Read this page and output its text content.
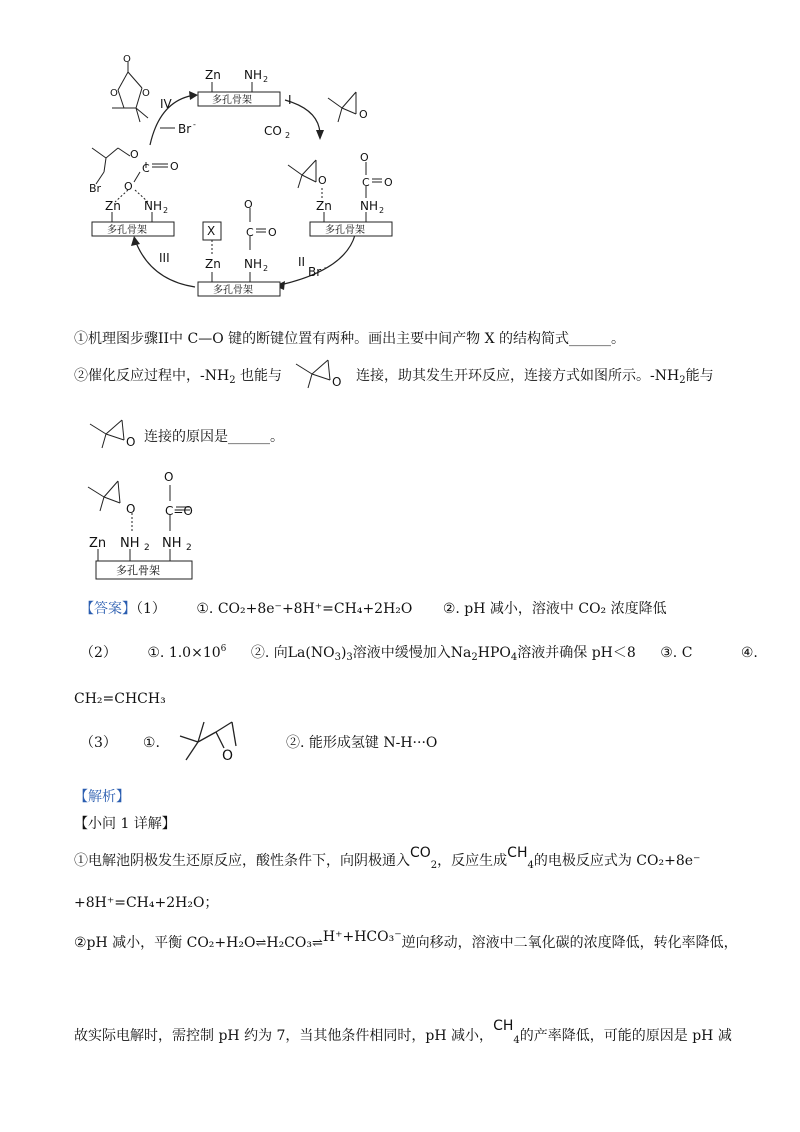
多孔骨架
Zn NH 2
I
CO 2
II
Br -
III
IV
Br -
O
O O
O
O
C O
O
Br
多孔骨架
Zn NH 2
O
O
C O
多孔骨架
Zn NH 2
X
O
C O
多孔骨架
Zn NH 2
①机理图步骤II中 C—O 键的断键位置有两种。画出主要中间产物 X 的结构简式______。
②催化反应过程中，$-NH_2$ 也能与	O 连接，助其发生开环反应，连接方式如图所示。$-NH_2$能与
O 连接的原因是______。
O
O
C=O
Zn NH 2 NH 2
多孔骨架
【答案】（1） ①. CO₂+8e⁻+8H⁺=CH₄+2H₂O ②. pH 减小，溶液中 CO₂ 浓度降低
（2） ①. $1.0\times 10^6$ ②. 向$La(NO_3)_3$溶液中缓慢加入$Na_2HPO_4$溶液并确保 pH＜8 ③. C	④.
CH₂=CHCH₃
（3） ①.
O
②. 能形成氢键 N-H···O
【解析】
【小问 1 详解】
①电解池阴极发生还原反应，酸性条件下，向阴极通入$CO_2$，反应生成$CH_4$的电极反应式为 CO₂+8e⁻
+8H⁺=CH₄+2H₂O；
②pH 减小，平衡 CO₂+H₂O⇌H₂CO₃⇌H⁺+HCO₃⁻逆向移动，溶液中二氧化碳的浓度降低，转化率降低，
故实际电解时，需控制 pH 约为 7，当其他条件相同时，pH 减小，$CH_4$的产率降低，可能的原因是 pH 减
